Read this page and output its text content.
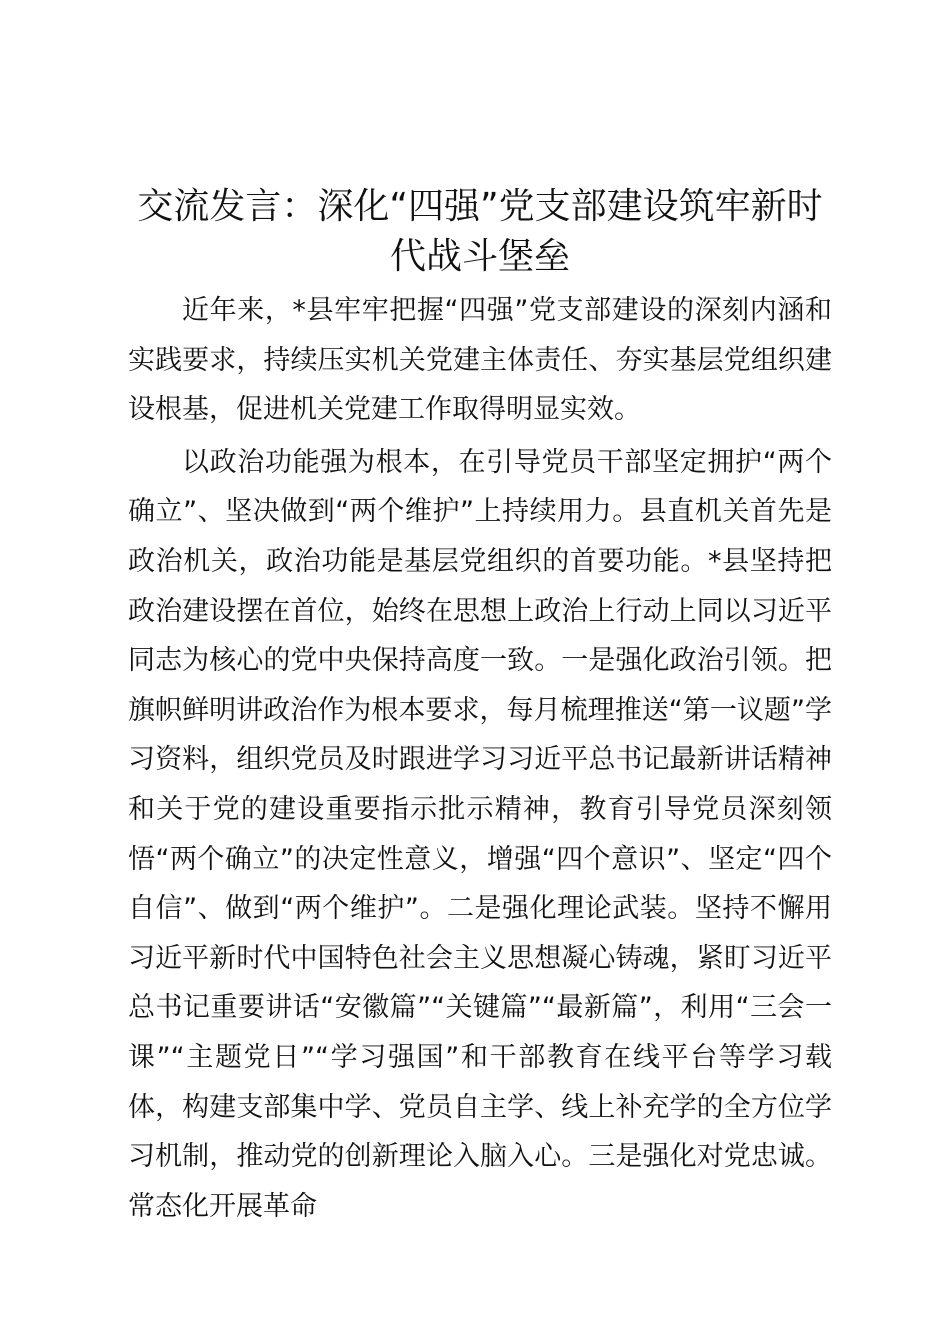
交流发言：深化“四强”党支部建设筑牢新时代战斗堡垒

近年来，*县牢牢把握“四强”党支部建设的深刻内涵和实践要求，持续压实机关党建主体责任、夯实基层党组织建设根基，促进机关党建工作取得明显实效。

以政治功能强为根本，在引导党员干部坚定拥护“两个确立”、坚决做到“两个维护”上持续用力。县直机关首先是政治机关，政治功能是基层党组织的首要功能。*县坚持把政治建设摆在首位，始终在思想上政治上行动上同以习近平同志为核心的党中央保持高度一致。一是强化政治引领。把旗帜鲜明讲政治作为根本要求，每月梳理推送“第一议题”学习资料，组织党员及时跟进学习习近平总书记最新讲话精神和关于党的建设重要指示批示精神，教育引导党员深刻领悟“两个确立”的决定性意义，增强“四个意识”、坚定“四个自信”、做到“两个维护”。二是强化理论武装。坚持不懈用习近平新时代中国特色社会主义思想凝心铸魂，紧盯习近平总书记重要讲话“安徽篇”“关键篇”“最新篇”，利用“三会一课”“主题党日”“学习强国”和干部教育在线平台等学习载体，构建支部集中学、党员自主学、线上补充学的全方位学习机制，推动党的创新理论入脑入心。三是强化对党忠诚。常态化开展革命
